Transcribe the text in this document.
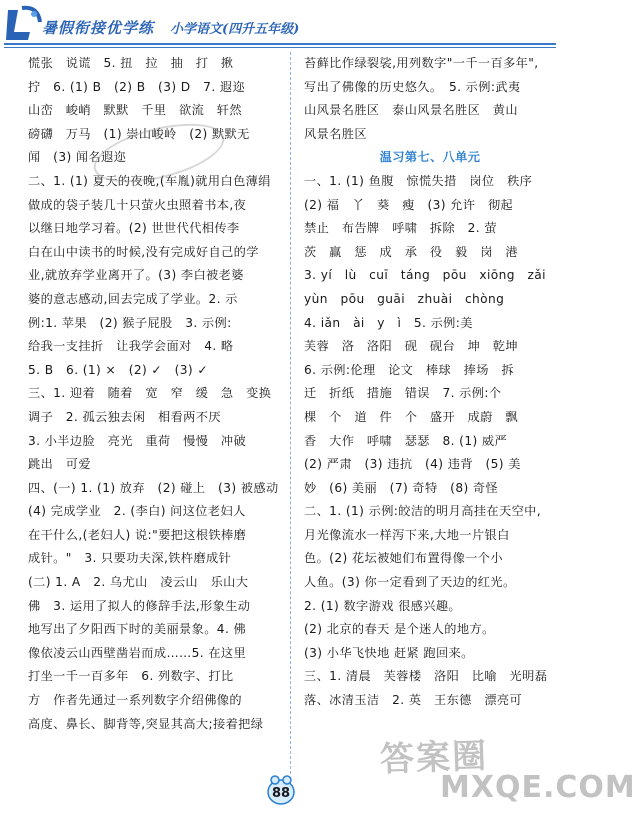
暑假衔接优学练 小学语文(四升五年级)
慌张　说谎　5. 扭　拉　抽　打　揪
拧　6. (1) B　(2) B　(3) D　7. 遐迩
山峦　峻峭　默默　千里　欲流　轩然
磅礴　万马　(1) 崇山峻岭　(2) 默默无
闻　(3) 闻名遐迩
二、1. (1) 夏天的夜晚,(车胤)就用白色薄绢
做成的袋子装几十只萤火虫照着书本,夜
以继日地学习着。(2) 世世代代相传李
白在山中读书的时候,没有完成好自己的学
业,就放弃学业离开了。(3) 李白被老婆
婆的意志感动,回去完成了学业。2. 示
例:1. 苹果　(2) 猴子屁股　3. 示例:
给我一支挂折　让我学会面对　4. 略
5. B　6. (1) ×　(2) ✓　(3) ✓
三、1. 迎着　随着　宽　窄　缓　急　变换
调子　2. 孤云独去闲　相看两不厌
3. 小半边脸　亮光　重荷　慢慢　冲破
跳出　可爱
四、(一) 1. (1) 放弃　(2) 碰上　(3) 被感动
(4) 完成学业　2. (李白) 问这位老妇人
在干什么,(老妇人) 说:"要把这根铁棒磨
成针。"　3. 只要功夫深,铁杵磨成针
(二) 1. A　2. 乌尤山　凌云山　乐山大
佛　3. 运用了拟人的修辞手法,形象生动
地写出了夕阳西下时的美丽景象。4. 佛
像依凌云山西壁凿岩而成……5. 在这里
打坐一千一百多年　6. 列数字、打比
方　作者先通过一系列数字介绍佛像的
高度、鼻长、脚背等,突显其高大;接着把绿
苔藓比作绿裂裟,用列数字"一千一百多年",
写出了佛像的历史悠久。　5. 示例:武夷
山风景名胜区　泰山风景名胜区　黄山
风景名胜区
温习第七、八单元
一、1. (1) 鱼腹　惊慌失措　岗位　秩序
(2) 福　丫　葵　瘦　(3) 允许　彻起
禁止　布告牌　呼啸　拆除　2. 萤
茨　赢　惩　成　承　役　毅　岗　港
3. yí　lù　cuī　táng　pōu　xiōng　zǎi
yùn　pōu　guāi　zhuài　chòng
4. iǎn　ài　y　ì　5. 示例:美
芙蓉　洛　洛阳　砚　砚台　坤　乾坤
6. 示例:伦理　论文　棒球　捧场　拆
迁　折纸　措施　错误　7. 示例:个
棵　个　道　件　个　盛开　成蔚　飘
香　大作　呼啸　瑟瑟　8. (1) 威严
(2) 严肃　(3) 违抗　(4) 违背　(5) 美
妙　(6) 美丽　(7) 奇特　(8) 奇怪
二、1. (1) 示例:皎洁的明月高挂在天空中,
月光像流水一样泻下来,大地一片银白
色。(2) 花坛被她们布置得像一个小
人鱼。(3) 你一定看到了天边的红光。
2. (1) 数字游戏 很感兴趣。
(2) 北京的春天 是个迷人的地方。
(3) 小华飞快地 赶紧 跑回来。
三、1. 清晨　芙蓉楼　洛阳　比喻　光明磊
落、冰清玉洁　2. 英　王东德　漂亮可
88
答案圈
MXQE.COM
